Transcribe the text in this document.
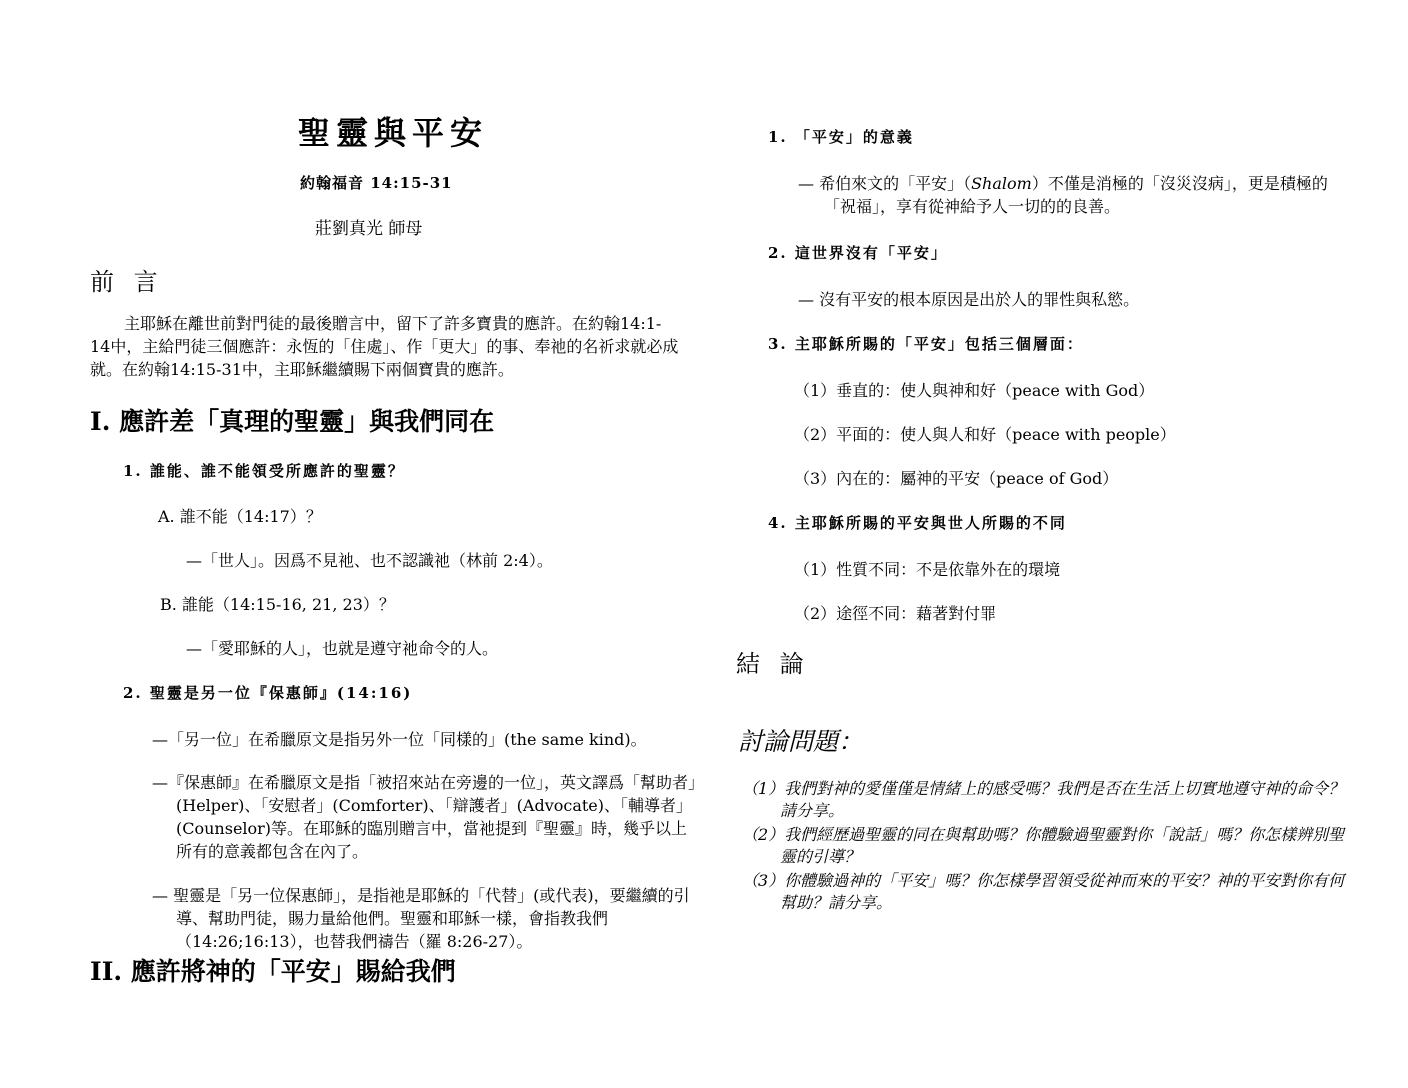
聖靈與平安
約翰福音 14:15-31
莊劉真光 師母
前 言
主耶穌在離世前對門徒的最後贈言中，留下了許多寶貴的應許。在約翰14:1-14中，主給門徒三個應許：永恆的「住處」、作「更大」的事、奉祂的名祈求就必成就。在約翰14:15-31中，主耶穌繼續賜下兩個寶貴的應許。
I. 應許差「真理的聖靈」與我們同在
1. 誰能、誰不能領受所應許的聖靈？
A. 誰不能（14:17）？
—「世人」。因爲不見祂、也不認識祂（林前 2:4）。
B. 誰能（14:15-16, 21, 23）？
—「愛耶穌的人」，也就是遵守祂命令的人。
2. 聖靈是另一位『保惠師』(14:16)
—「另一位」在希臘原文是指另外一位「同樣的」(the same kind)。
—『保惠師』在希臘原文是指「被招來站在旁邊的一位」，英文譯爲「幫助者」(Helper)、「安慰者」(Comforter)、「辯護者」(Advocate)、「輔導者」(Counselor)等。在耶穌的臨別贈言中，當祂提到『聖靈』時，幾乎以上所有的意義都包含在內了。
— 聖靈是「另一位保惠師」，是指祂是耶穌的「代替」(或代表)，要繼續的引導、幫助門徒，賜力量給他們。聖靈和耶穌一樣，會指教我們（14:26;16:13），也替我們禱告（羅 8:26-27）。
II. 應許將神的「平安」賜給我們
1. 「平安」的意義
— 希伯來文的「平安」（Shalom）不僅是消極的「沒災沒病」，更是積極的「祝福」，享有從神給予人一切的的良善。
2. 這世界沒有「平安」
— 沒有平安的根本原因是出於人的罪性與私慾。
3. 主耶穌所賜的「平安」包括三個層面：
（1）垂直的：使人與神和好（peace with God）
（2）平面的：使人與人和好（peace with people）
（3）內在的：屬神的平安（peace of God）
4. 主耶穌所賜的平安與世人所賜的不同
（1）性質不同：不是依靠外在的環境
（2）途徑不同：藉著對付罪
結 論
討論問題：
（1）我們對神的愛僅僅是情緒上的感受嗎？我們是否在生活上切實地遵守神的命令？請分享。
（2）我們經歷過聖靈的同在與幫助嗎？你體驗過聖靈對你「說話」嗎？你怎樣辨別聖靈的引導？
（3）你體驗過神的「平安」嗎？你怎樣學習領受從神而來的平安？神的平安對你有何幫助？請分享。
